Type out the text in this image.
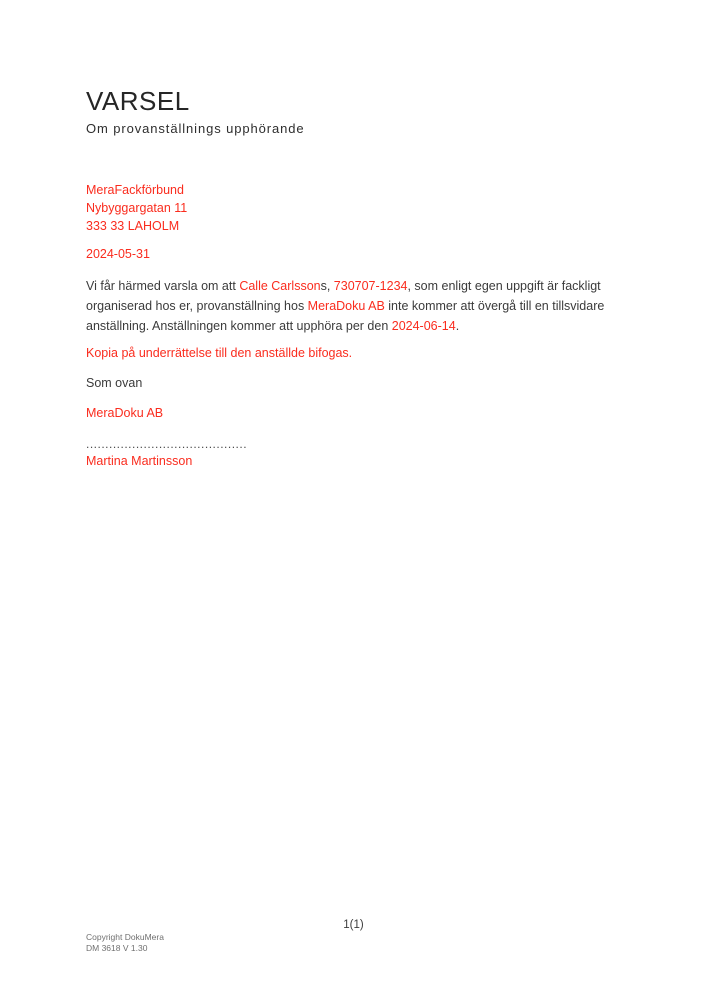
VARSEL

Om provanställnings upphörande

MeraFackförbund

Nybyggargatan 11

333 33 LAHOLM

2024-05-31

Vi får härmed varsla om att Calle Carlssons, 730707-1234, som enligt egen uppgift är fackligt organiserad hos er, provanställning hos MeraDoku AB inte kommer att övergå till en tillsvidare anställning. Anställningen kommer att upphöra per den 2024-06-14.

Kopia på underrättelse till den anställde bifogas.

Som ovan

MeraDoku AB

..........................................

Martina Martinsson

1(1)

Copyright DokuMera

DM 3618 V 1.30
